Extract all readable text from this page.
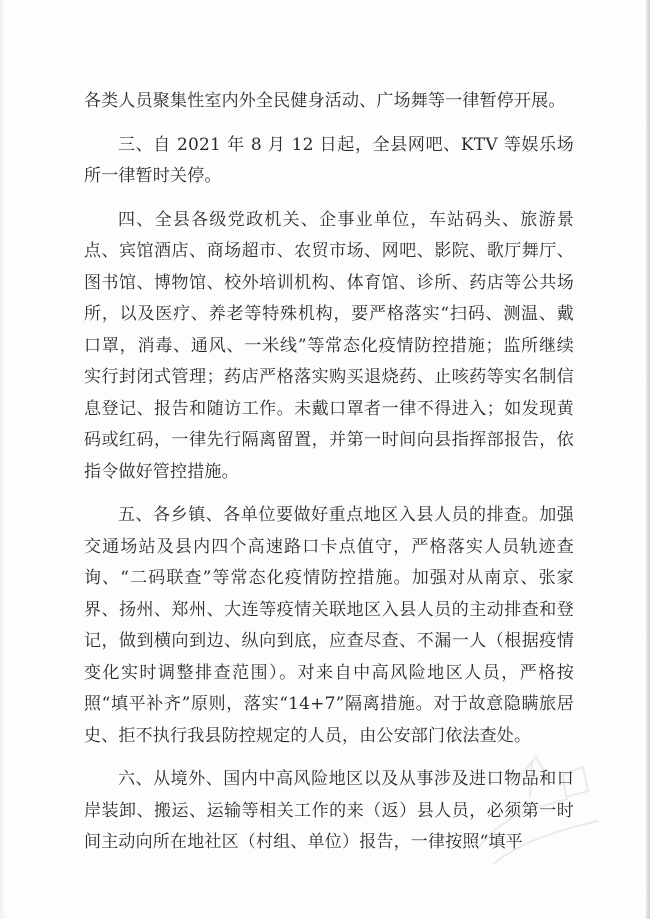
各类人员聚集性室内外全民健身活动、广场舞等一律暂停开展。

三、自 2021 年 8 月 12 日起，全县网吧、KTV 等娱乐场所一律暂时关停。

四、全县各级党政机关、企事业单位，车站码头、旅游景点、宾馆酒店、商场超市、农贸市场、网吧、影院、歌厅舞厅、图书馆、博物馆、校外培训机构、体育馆、诊所、药店等公共场所，以及医疗、养老等特殊机构，要严格落实“扫码、测温、戴口罩，消毒、通风、一米线”等常态化疫情防控措施；监所继续实行封闭式管理；药店严格落实购买退烧药、止咳药等实名制信息登记、报告和随访工作。未戴口罩者一律不得进入；如发现黄码或红码，一律先行隔离留置，并第一时间向县指挥部报告，依指令做好管控措施。

五、各乡镇、各单位要做好重点地区入县人员的排查。加强交通场站及县内四个高速路口卡点值守，严格落实人员轨迹查询、“二码联查”等常态化疫情防控措施。加强对从南京、张家界、扬州、郑州、大连等疫情关联地区入县人员的主动排查和登记，做到横向到边、纵向到底，应查尽查、不漏一人（根据疫情变化实时调整排查范围）。对来自中高风险地区人员，严格按照“填平补齐”原则，落实“14+7”隔离措施。对于故意隐瞒旅居史、拒不执行我县防控规定的人员，由公安部门依法查处。

六、从境外、国内中高风险地区以及从事涉及进口物品和口岸装卸、搬运、运输等相关工作的来（返）县人员，必须第一时间主动向所在地社区（村组、单位）报告，一律按照“填平
